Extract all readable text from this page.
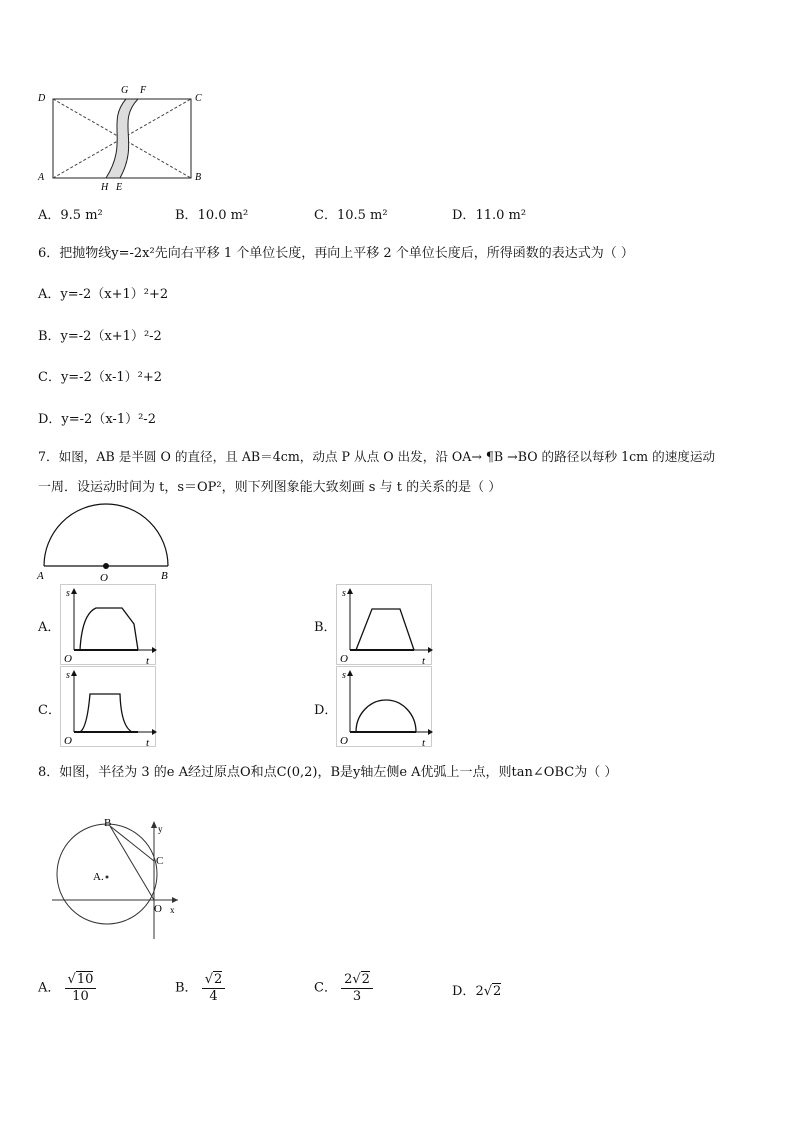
D
G F
C
A
H E
B
A．9.5 m²	B．10.0 m²	C．10.5 m²	D．11.0 m²
6．把抛物线y=-2x²先向右平移 1 个单位长度，再向上平移 2 个单位长度后，所得函数的表达式为（ ）
A．y=-2（x+1）²+2
B．y=-2（x+1）²-2
C．y=-2（x-1）²+2
D．y=-2（x-1）²-2
7．如图，AB 是半圆 O 的直径，且 AB＝4cm，动点 P 从点 O 出发，沿 OA→ ¶B →BO 的路径以每秒 1cm 的速度运动
一周．设运动时间为 t，s＝OP²，则下列图象能大致刻画 s 与 t 的关系的是（ ）
A	O	B
A．	B．
C．	D．
s
O	t
s
O	t
s
O	t
s
O	t
8．如图，半径为 3 的e A经过原点O和点C(0,2)，B是y轴左侧e A优弧上一点，则tan∠OBC为（ ）
B
C
A.
O x
y
A． $\frac{√10}{10}$	B． $\frac{√2}{4}$	C． $\frac{2√2}{3}$	D．2√2
